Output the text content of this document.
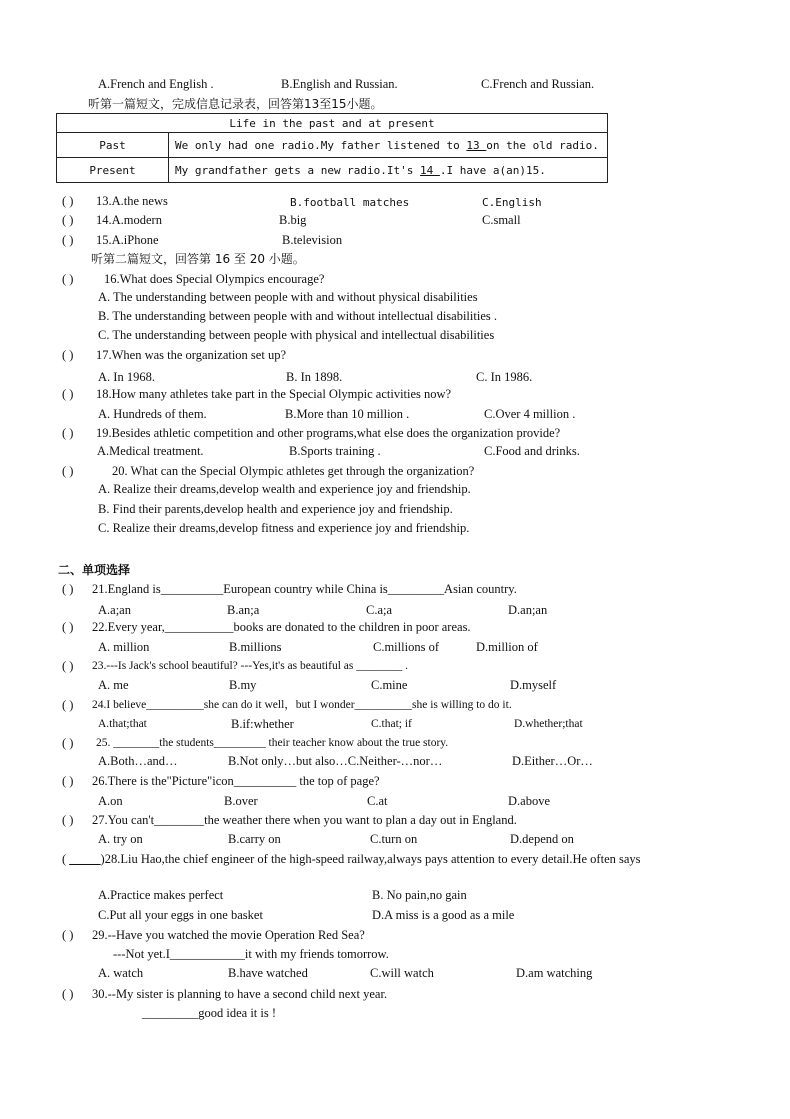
A.French and English .	B.English and Russian.	C.French and Russian.
听第一篇短文，完成信息记录表，回答第13至15小题。
Life in the past and at present	
Past	We only had one radio.My father listened to 13 on the old radio.
Present	My grandfather gets a new radio.It's 14 .I have a(an)15.
( ) 13.A.the news	B.football matches	C.English
( ) 14.A.modern	B.big	C.small
( ) 15.A.iPhone	B.television
听第二篇短文，回答第 16 至 20 小题。
( ) 16.What does Special Olympics encourage?
A. The understanding between people with and without physical disabilities
B. The understanding between people with and without intellectual disabilities .
C. The understanding between people with physical and intellectual disabilities
( ) 17.When was the organization set up?
A. In 1968.	B. In 1898.	C. In 1986.
( ) 18.How many athletes take part in the Special Olympic activities now?
A. Hundreds of them.	B.More than 10 million .	C.Over 4 million .
( ) 19.Besides athletic competition and other programs,what else does the organization provide?
A.Medical treatment.	B.Sports training .	C.Food and drinks.
( )	20. What can the Special Olympic athletes get through the organization?
A. Realize their dreams,develop wealth and experience joy and friendship.
B. Find their parents,develop health and experience joy and friendship.
C. Realize their dreams,develop fitness and experience joy and friendship.
二、单项选择
( ) 21.England is__________European country while China is_________Asian country.
A.a;an	B.an;a	C.a;a	D.an;an
( ) 22.Every year,___________books are donated to the children in poor areas.
A. million	B.millions	C.millions of	D.million of
( ) 23.---Is Jack's school beautiful? ---Yes,it's as beautiful as ________ .
A. me	B.my	C.mine	D.myself
( ) 24.I believe__________she can do it well，but I wonder__________she is willing to do it.
A.that;that	B.if:whether	C.that; if	D.whether;that
( ) 25. ________the students_________ their teacher know about the true story.
A.Both…and…	B.Not only…but also…C.Neither-…nor…	D.Either…Or…
( ) 26.There is the"Picture"icon__________ the top of page?
A.on	B.over	C.at	D.above
( ) 27.You can't________the weather there when you want to plan a day out in England.
A. try on	B.carry on	C.turn on	D.depend on
( _____)28.Liu Hao,the chief engineer of the high-speed railway,always pays attention to every detail.He often says
A.Practice makes perfect	B. No pain,no gain
C.Put all your eggs in one basket	D.A miss is a good as a mile
( ) 29.--Have you watched the movie Operation Red Sea?
---Not yet.I____________it with my friends tomorrow.
A. watch	B.have watched	C.will watch	D.am watching
( ) 30.--My sister is planning to have a second child next year.
_________good idea it is !
